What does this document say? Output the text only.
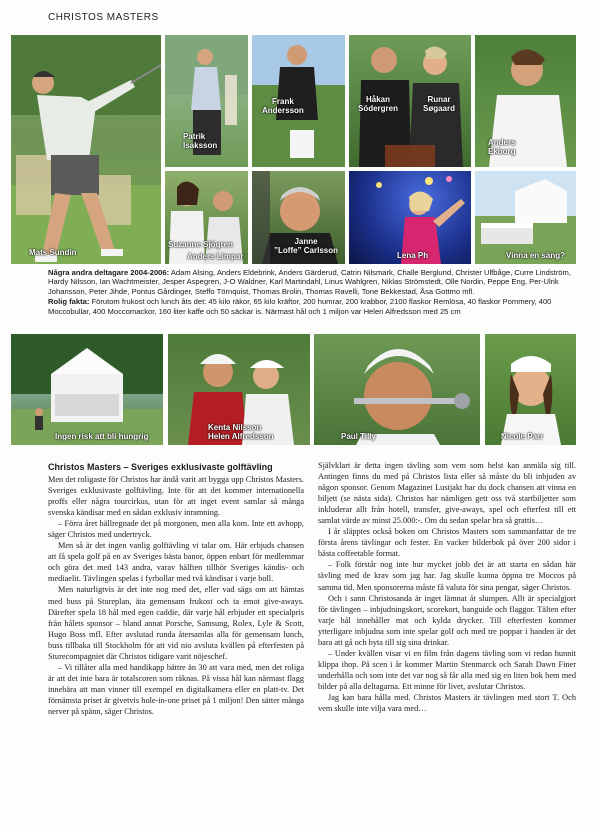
CHRISTOS MASTERS
Mats Sundin
Patrik
Isaksson
Frank
Andersson
Håkan
Södergren
Runar
Søgaard
Anders
Ekborg
Suzanne Sjögren
Anders Limpar
Janne
”Loffe” Carlsson
Lena Ph	Vinna en säng?

Några andra deltagare 2004-2006: Adam Alsing, Anders Eldebrink, Anders Gärderud, Catrin Nilsmark, Challe Berglund, Christer Ulfbåge, Curre Lindström, Hardy Nilsson, Ian Wachtmeister, Jesper Aspegren, J-O Waldner, Karl Martindahl, Linus Wahlgren, Niklas Strömstedt, Olle Nordin, Peppe Eng, Per-Ulrik Johansson, Peter Jihde, Pontus Gårdinger, Steffo Törnquist, Thomas Brolin, Thomas Ravelli, Tone Bekkestad, Åsa Gottmo mfl.

Rolig fakta: Förutom frukost och lunch åts det: 45 kilo räkor, 65 kilo kräftor, 200 humrar, 200 krabbor, 2100 flaskor Remlösa, 40 flaskor Pommery, 400 Moccobullar, 400 Moccomackor, 160 liter kaffe och 50 säckar is. Närmast hål och 1 miljon var Helen Alfredsson med 25 cm

Ingen risk att bli hungrig
Kenta Nilsson
Helen Alfredsson	Paul Tilly	Nicole Parr
Christos Masters – Sveriges exklusivaste golftävling

Men det roligaste för Christos har ändå varit att bygga upp Christos Masters. Sveriges exklusivaste golftävling. Inte för att det kommer internationella proffs eller några tourcirkus, utan för att inget event samlar så många svenska kändisar med en sådan exklusiv inramning.

– Förra året hällregnade det på morgonen, men alla kom. Inte ett avhopp, säger Christos med undertryck.

Men så är det ingen vanlig golftävling vi talar om. Här erbjuds chansen att få spela golf på en av Sveriges bästa banor, öppen enbart för medlemmar och göra det med 143 andra, varav hälften tillhör Sveriges kändis- och mediaelit. Tävlingen spelas i fyrbollar med två kändisar i varje boll.

Men naturligtvis är det inte nog med det, eller vad sägs om att hämtas med buss på Stureplan, äta gemensam frukost och ta emot give-aways. Därefter spela 18 hål med egen caddie, där varje hål erbjuder ett specialpris från hålets sponsor – bland annat Porsche, Samsung, Rolex, Lyle & Scott, Hugo Boss mfl. Efter avslutad runda återsamlas alla för gemensam lunch, buss tillbaka till Stockholm för att vid nio avsluta kvällen på efterfesten på Sturecompagniet där Christos tidigare varit nöjeschef.

– Vi tillåter alla med handikapp bättre än 30 att vara med, men det roliga är att det inte bara är totalscoren som räknas. På vissa hål kan närmast flagg innebära att man vinner till exempel en digitalkamera eller en platt-tv. Det förnämsta priset är givetvis hole-in-one priset på 1 miljon! Den sätter många nerver på spänn, säger Christos.

Självklart är detta ingen tävling som vem som helst kan anmäla sig till. Antingen finns du med på Christos lista eller så måste du bli inbjuden av någon sponsor. Genom Magazinet Lustjakt har du dock chansen att vinna en biljett (se nästa sida). Christos har nämligen gett oss två startbiljetter som inkluderar allt från hotell, transfer, give-aways, spel och efterfest till ett samlat värde av minst 25.000:-. Om du sedan spelar bra så grattis…

I år släpptes också boken om Christos Masters som sammanfattar de tre första årens tävlingar och fester. En vacker bilderbok på över 200 sidor i bästa coffeetable format.

– Folk förstår nog inte hur mycket jobb det är att starta en sådan här tävling med de krav som jag har. Jag skulle kunna öppna tre Moccos på samma tid. Men sponsorerna måste få valuta för sina pengar, säger Christos.

Och i sann Christosanda är inget lämnat åt slumpen. Allt är specialgjort för tävlingen – inbjudningskort, scorekort, banguide och flaggor. Tälten efter varje hål innehåller mat och kylda drycker. Till efterfesten kommer ytterligare inbjudna som inte spelar golf och med tre poppar i handen är det bara att gå och byta till sig sina drinkar.

– Under kvällen visar vi en film från dagens tävling som vi redan hunnit klippa ihop. På scen i år kommer Martin Stenmarck och Sarah Dawn Finer underhålla och som inte det var nog så får alla med sig en liten bok hem med bilder på alla deltagarna. Ett minne för livet, avslutar Christos.

Jag kan bara hålla med. Christos Masters är tävlingen med stort T. Och vem skulle inte vilja vara med…
